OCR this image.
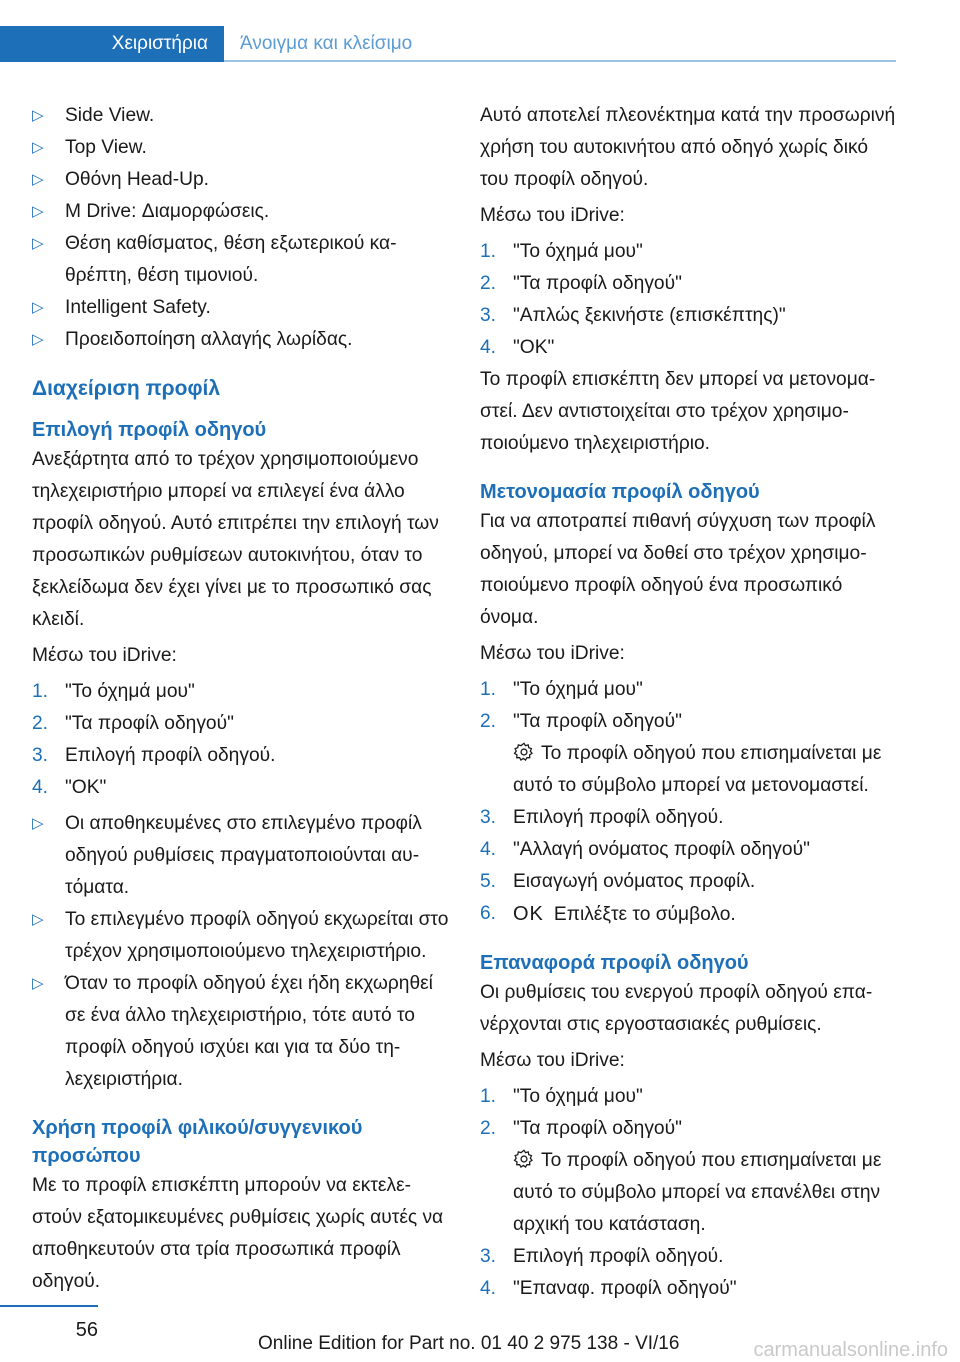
Χειριστήρια	Άνοιγμα και κλείσιμο
▷	Side View.
▷	Top View.
▷	Οθόνη Head-Up.
▷	M Drive: Διαμορφώσεις.
▷	Θέση καθίσματος, θέση εξωτερικού καθρέπτη, θέση τιμονιού.
▷	Intelligent Safety.
▷	Προειδοποίηση αλλαγής λωρίδας.
Διαχείριση προφίλ
Επιλογή προφίλ οδηγού

Ανεξάρτητα από το τρέχον χρησιμοποιούμενο τηλεχειριστήριο μπορεί να επιλεγεί ένα άλλο προφίλ οδηγού. Αυτό επιτρέπει την επιλογή των προσωπικών ρυθμίσεων αυτοκινήτου, όταν το ξεκλείδωμα δεν έχει γίνει με το προσωπικό σας κλειδί.

Μέσω του iDrive:

1. "Το όχημά μου"
2. "Τα προφίλ οδηγού"
3. Επιλογή προφίλ οδηγού.
4. "OK"
▷	Οι αποθηκευμένες στο επιλεγμένο προφίλ οδηγού ρυθμίσεις πραγματοποιούνται αυτόματα.
▷	Το επιλεγμένο προφίλ οδηγού εκχωρείται στο τρέχον χρησιμοποιούμενο τηλεχειριστήριο.
▷	Όταν το προφίλ οδηγού έχει ήδη εκχωρηθεί σε ένα άλλο τηλεχειριστήριο, τότε αυτό το προφίλ οδηγού ισχύει και για τα δύο τηλεχειριστήρια.
Χρήση προφίλ φιλικού/συγγενικού προσώπου

Με το προφίλ επισκέπτη μπορούν να εκτελεστούν εξατομικευμένες ρυθμίσεις χωρίς αυτές να αποθηκευτούν στα τρία προσωπικά προφίλ οδηγού.

Αυτό αποτελεί πλεονέκτημα κατά την προσωρινή χρήση του αυτοκινήτου από οδηγό χωρίς δικό του προφίλ οδηγού.

Μέσω του iDrive:

1. "Το όχημά μου"
2. "Τα προφίλ οδηγού"
3. "Απλώς ξεκινήστε (επισκέπτης)"
4. "OK"

Το προφίλ επισκέπτη δεν μπορεί να μετονομαστεί. Δεν αντιστοιχείται στο τρέχον χρησιμοποιούμενο τηλεχειριστήριο.

Μετονομασία προφίλ οδηγού

Για να αποτραπεί πιθανή σύγχυση των προφίλ οδηγού, μπορεί να δοθεί στο τρέχον χρησιμοποιούμενο προφίλ οδηγού ένα προσωπικό όνομα.

Μέσω του iDrive:

1. "Το όχημά μου"
2. "Τα προφίλ οδηγού"
Το προφίλ οδηγού που επισημαίνεται με αυτό το σύμβολο μπορεί να μετονομαστεί.
3. Επιλογή προφίλ οδηγού.
4. "Αλλαγή ονόματος προφίλ οδηγού"
5. Εισαγωγή ονόματος προφίλ.
6. OK Επιλέξτε το σύμβολο.
Επαναφορά προφίλ οδηγού

Οι ρυθμίσεις του ενεργού προφίλ οδηγού επανέρχονται στις εργοστασιακές ρυθμίσεις.

Μέσω του iDrive:

1. "Το όχημά μου"
2. "Τα προφίλ οδηγού"
Το προφίλ οδηγού που επισημαίνεται με αυτό το σύμβολο μπορεί να επανέλθει στην αρχική του κατάσταση.
3. Επιλογή προφίλ οδηγού.
4. "Επαναφ. προφίλ οδηγού"
56
Online Edition for Part no. 01 40 2 975 138 - VI/16	carmanualsonline.info
